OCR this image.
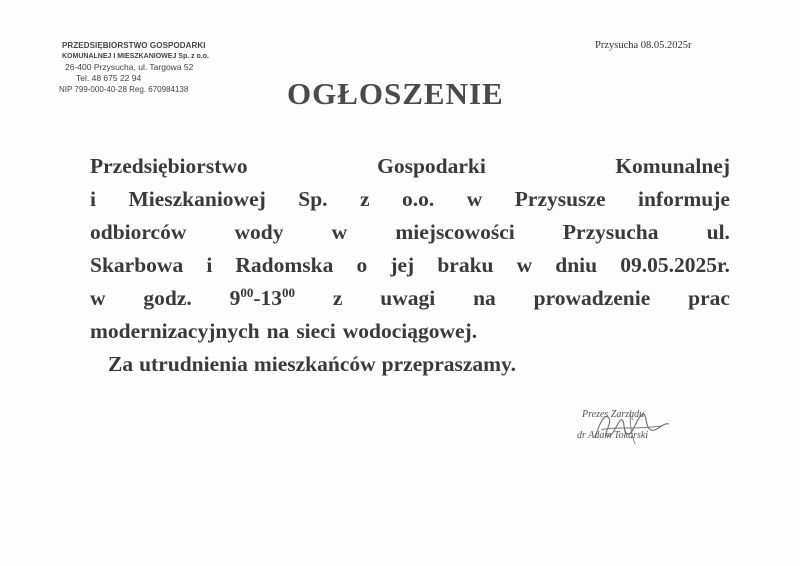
PRZEDSIĘBIORSTWO GOSPODARKI
KOMUNALNEJ I MIESZKANIOWEJ Sp. z o.o.
26-400 Przysucha, ul. Targowa 52
Tel. 48 675 22 94
NIP 799-000-40-28 Reg. 670984138
Przysucha 08.05.2025r
OGŁOSZENIE
Przedsiębiorstwo	Gospodarki	Komunalnej
i Mieszkaniowej Sp. z o.o. w Przysusze informuje
odbiorców wody w miejscowości Przysucha ul.
Skarbowa i Radomska o jej braku w dniu 09.05.2025r.
w godz. $9^{00}-13^{00}$ z uwagi na prowadzenie prac
modernizacyjnych na sieci wodociągowej.
Za utrudnienia mieszkańców przepraszamy.
Prezes Zarządu
dr Adam Tokarski
